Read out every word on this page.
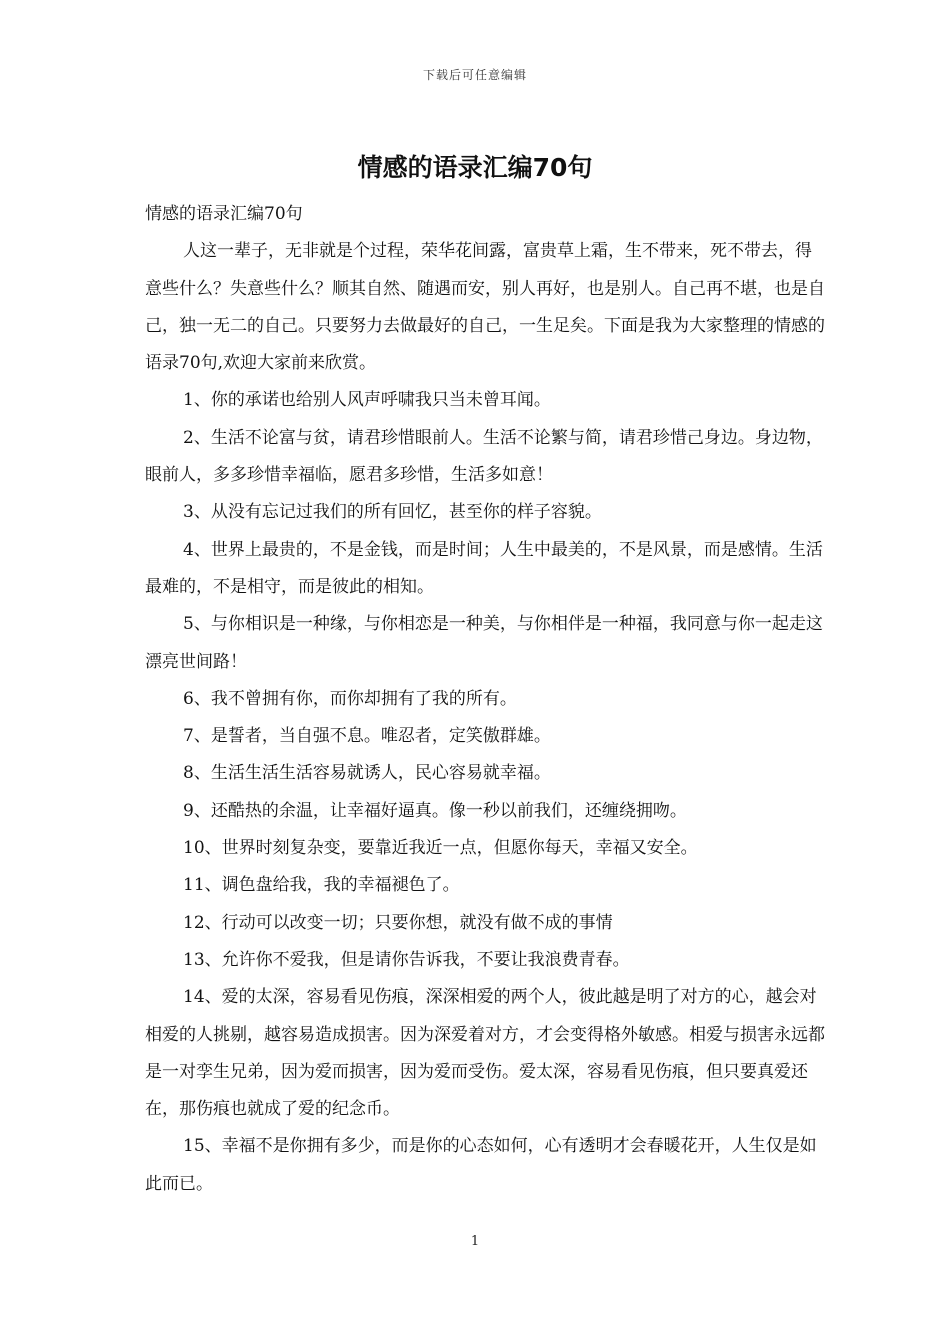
下载后可任意编辑
情感的语录汇编70句

情感的语录汇编70句

人这一辈子，无非就是个过程，荣华花间露，富贵草上霜，生不带来，死不带去，得意些什么？失意些什么？顺其自然、随遇而安，别人再好，也是别人。自己再不堪，也是自己，独一无二的自己。只要努力去做最好的自己，一生足矣。下面是我为大家整理的情感的语录70句,欢迎大家前来欣赏。

1、你的承诺也给别人风声呼啸我只当未曾耳闻。

2、生活不论富与贫，请君珍惜眼前人。生活不论繁与简，请君珍惜己身边。身边物，眼前人，多多珍惜幸福临，愿君多珍惜，生活多如意！

3、从没有忘记过我们的所有回忆，甚至你的样子容貌。

4、世界上最贵的，不是金钱，而是时间；人生中最美的，不是风景，而是感情。生活最难的，不是相守，而是彼此的相知。

5、与你相识是一种缘，与你相恋是一种美，与你相伴是一种福，我同意与你一起走这漂亮世间路！

6、我不曾拥有你，而你却拥有了我的所有。

7、是誓者，当自强不息。唯忍者，定笑傲群雄。

8、生活生活生活容易就诱人，民心容易就幸福。

9、还酷热的余温，让幸福好逼真。像一秒以前我们，还缠绕拥吻。

10、世界时刻复杂变，要靠近我近一点，但愿你每天，幸福又安全。

11、调色盘给我，我的幸福褪色了。

12、行动可以改变一切；只要你想，就没有做不成的事情

13、允许你不爱我，但是请你告诉我，不要让我浪费青春。

14、爱的太深，容易看见伤痕，深深相爱的两个人，彼此越是明了对方的心，越会对相爱的人挑剔，越容易造成损害。因为深爱着对方，才会变得格外敏感。相爱与损害永远都是一对孪生兄弟，因为爱而损害，因为爱而受伤。爱太深，容易看见伤痕，但只要真爱还在，那伤痕也就成了爱的纪念币。

15、幸福不是你拥有多少，而是你的心态如何，心有透明才会春暖花开，人生仅是如此而已。

1
